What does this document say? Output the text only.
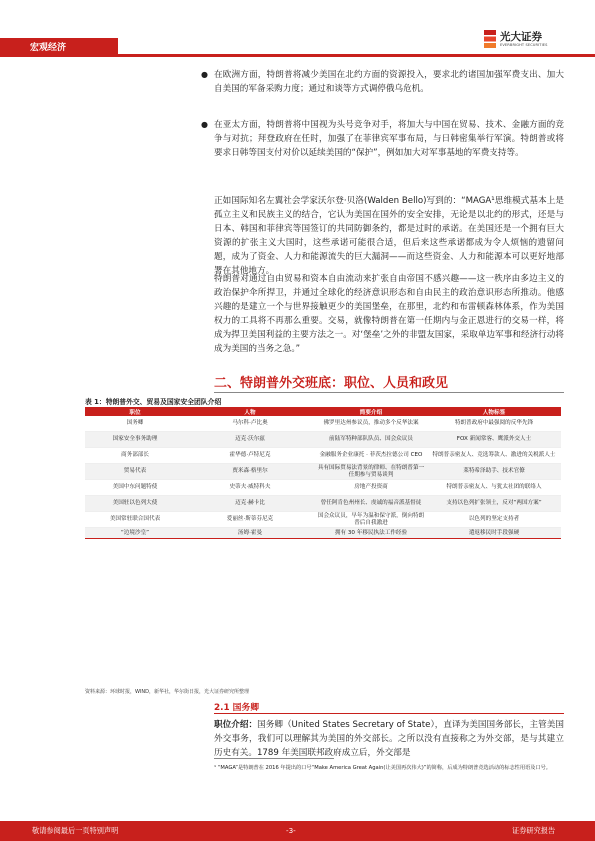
宏观经济
光大证券
EVERBRIGHT SECURITIES
● 在欧洲方面，特朗普将减少美国在北约方面的资源投入，要求北约诸国加强军费支出、加大自美国的军备采购力度；通过和谈等方式调停俄乌危机。
● 在亚太方面，特朗普将中国视为头号竞争对手，将加大与中国在贸易、技术、金融方面的竞争与对抗；拜登政府在任时，加强了在菲律宾军事布局，与日韩密集举行军演。特朗普或将要求日韩等国支付对价以延续美国的“保护”，例如加大对军事基地的军费支持等。
正如国际知名左翼社会学家沃尔登·贝洛(Walden Bello)写到的：“MAGA¹思维模式基本上是孤立主义和民族主义的结合，它认为美国在国外的安全安排，无论是以北约的形式，还是与日本、韩国和菲律宾等国签订的共同防御条约，都是过时的承诺。在美国还是一个拥有巨大资源的扩张主义大国时，这些承诺可能很合适，但后来这些承诺都成为令人烦恼的遗留问题，成为了资金、人力和能源流失的巨大漏洞——而这些资金、人力和能源本可以更好地部署在其他地方。
特朗普对通过自由贸易和资本自由流动来扩张自由帝国不感兴趣——这一秩序由多边主义的政治保护伞所捍卫，并通过全球化的经济意识形态和自由民主的政治意识形态所推动。他感兴趣的是建立一个与世界接触更少的美国堡垒，在那里，北约和布雷顿森林体系，作为美国权力的工具将不再那么重要。交易，就像特朗普在第一任期内与金正恩进行的交易一样，将成为捍卫美国利益的主要方法之一。对‘堡垒’之外的非盟友国家，采取单边军事和经济行动将成为美国的当务之急。”
二、特朗普外交班底：职位、人员和政见
表 1：特朗普外交、贸易及国家安全团队介绍
职位	人物	简要介绍	人物标签
国务卿	马尔科·卢比奥	佛罗里达州参议员，推动多个反华法案	特朗普政府中最强阅的反华先锋
国家安全事务助理	迈克·沃尔兹	前陆军特种部队队员、国会众议员	FOX 新闻常客、鹰派外交人士
商务部部长	霍华德·卢特尼克	金融服务企业康托 · 菲茨杰拉德公司 CEO	特朗普亲密友人、竞选筹款人、激进的关税派人士
贸易代表	贾米森·格里尔	具有国际贸易法背景的律师、在特朗普第一任期参与贸易谈判	莱特希泽助手、技术官僚
美国中东问题特使	史蒂夫·威特科夫	房地产投资商	特朗普亲密友人、与犹太社团的联络人
美国驻以色列大使	迈克·赫卡比	曾任阿肯色州州长、虔诚的福音派基督徒	支持以色列扩张领土，反对“两国方案”
美国常驻联合国代表	爱丽丝·斯蒂芬尼克	国会众议员，早年为温和保守派，倒向特朗普后自我激进	以色列的坚定支持者
“边境沙皇”	汤姆·霍曼	拥有 30 年移民执法工作经验	遣返移民时手段强硬
资料来源：环球时报，WIND，新华社，华尔街日报，光大证券研究所整理
2.1 国务卿
职位介绍：国务卿（United States Secretary of State），直译为美国国务部长，主管美国外交事务，我们可以理解其为美国的外交部长。之所以没有直接称之为外交部，是与其建立历史有关。1789 年美国联邦政府成立后，外交部是
¹ “MAGA”是特朗普在 2016 年提出的口号“Make America Great Again(让美国再次伟大)”的简称，后成为特朗普竞选活动的标志性用语及口号。
敬请参阅最后一页特别声明	-3-	证券研究报告
